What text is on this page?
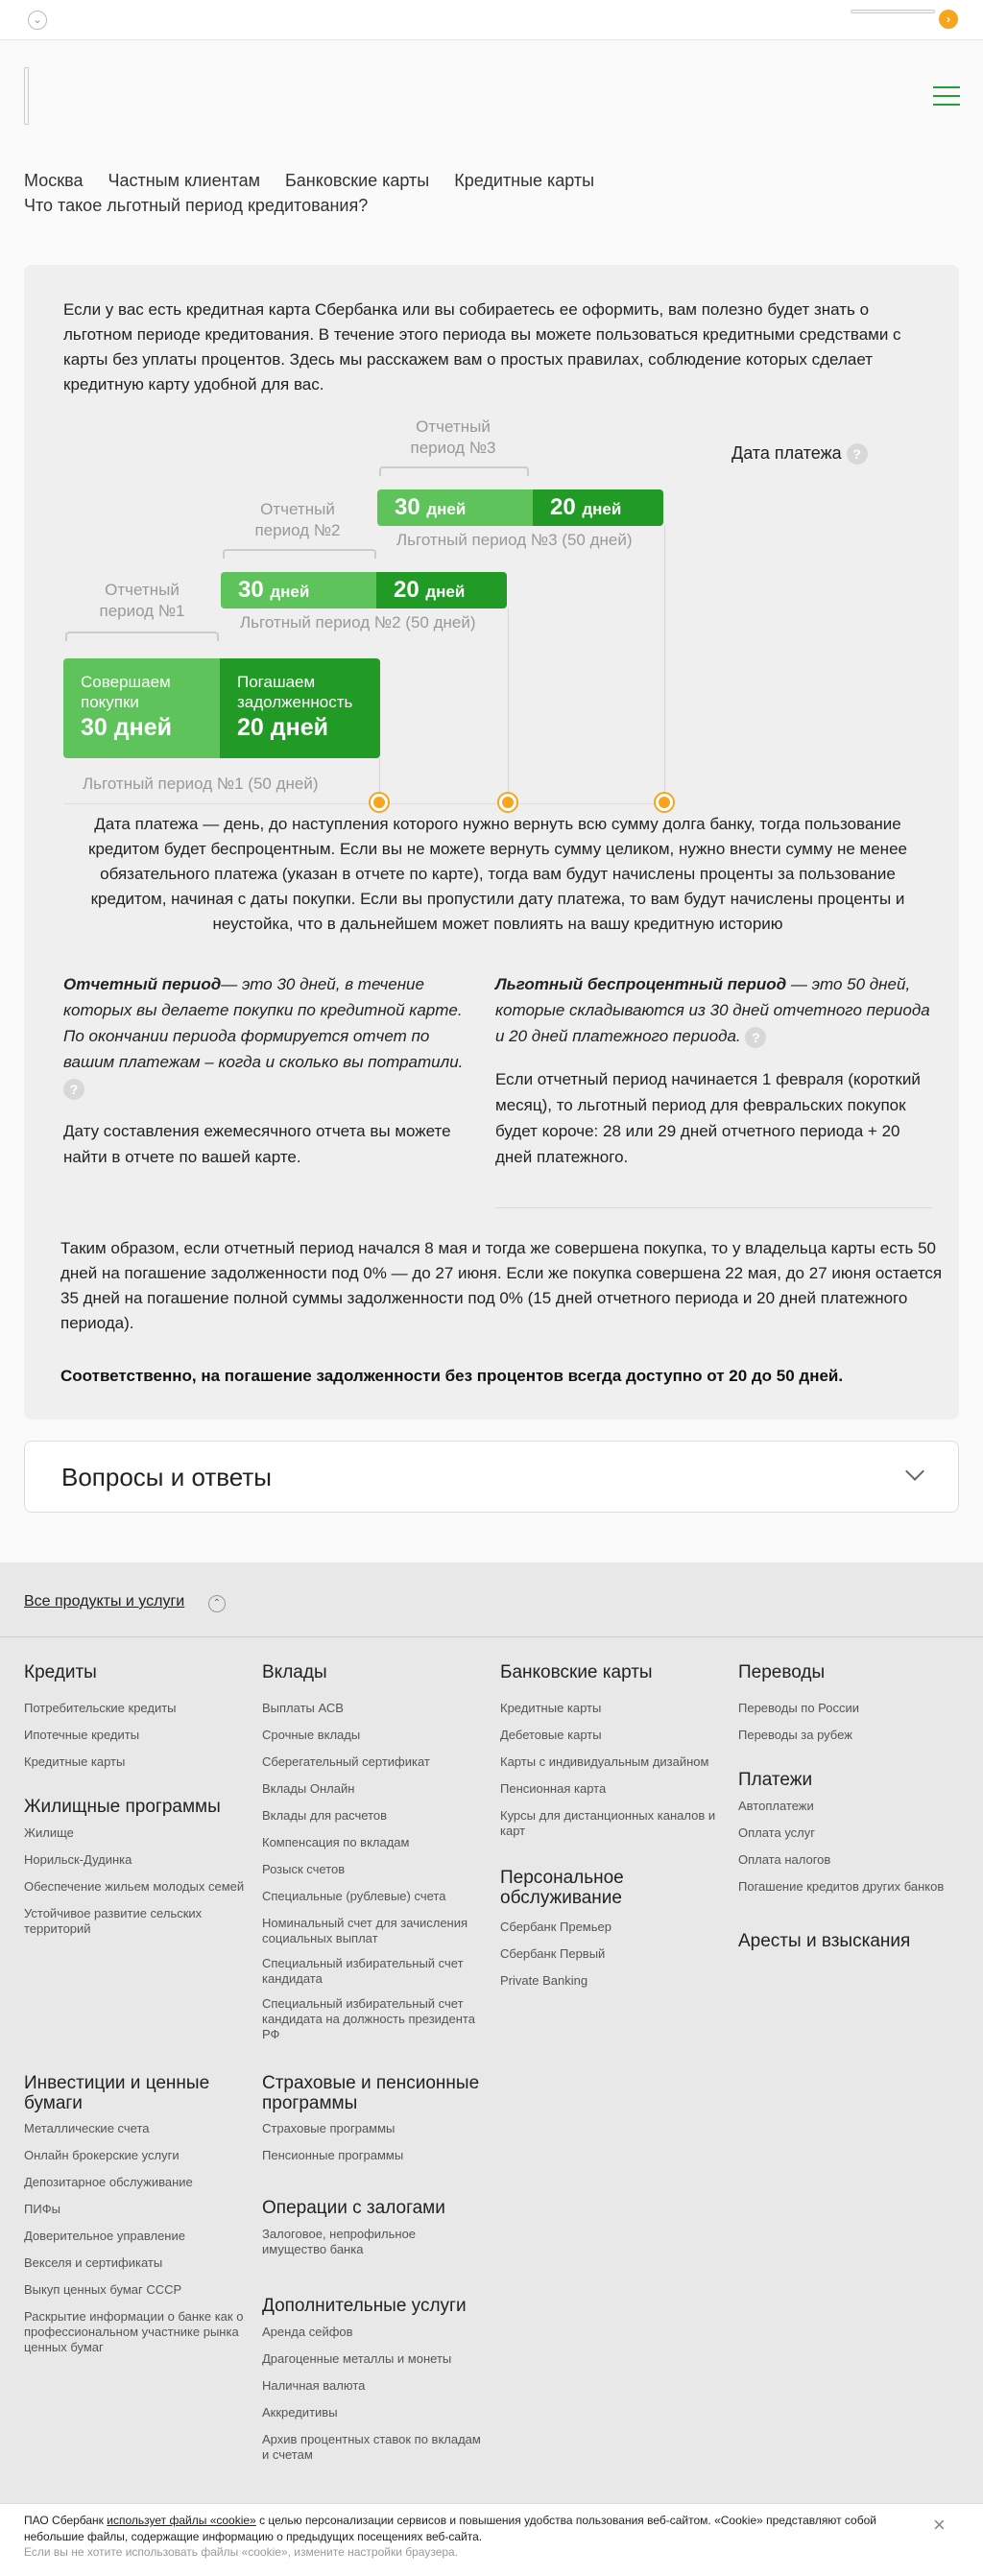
⌄	›
Москва Частным клиентам Банковские карты Кредитные карты
Что такое льготный период кредитования?
Если у вас есть кредитная карта Сбербанка или вы собираетесь ее оформить, вам полезно будет знать о льготном периоде кредитования. В течение этого периода вы можете пользоваться кредитными средствами с карты без уплаты процентов. Здесь мы расскажем вам о простых правилах, соблюдение которых сделает кредитную карту удобной для вас.
Отчетный период №3
Отчетный период №2
Отчетный период №1
Дата платежа ?
30 дней	20 дней
Льготный период №3 (50 дней)
30 дней	20 дней
Льготный период №2 (50 дней)
Совершаем покупки
30 дней
Погашаем задолженность
20 дней
Льготный период №1 (50 дней)
Дата платежа — день, до наступления которого нужно вернуть всю сумму долга банку, тогда пользование кредитом будет беспроцентным. Если вы не можете вернуть сумму целиком, нужно внести сумму не менее обязательного платежа (указан в отчете по карте), тогда вам будут начислены проценты за пользование кредитом, начиная с даты покупки. Если вы пропустили дату платежа, то вам будут начислены проценты и неустойка, что в дальнейшем может повлиять на вашу кредитную историю

Отчетный период— это 30 дней, в течение которых вы делаете покупки по кредитной карте. По окончании периода формируется отчет по вашим платежам – когда и сколько вы потратили. ?

Дату составления ежемесячного отчета вы можете найти в отчете по вашей карте.

Льготный беспроцентный период — это 50 дней, которые складываются из 30 дней отчетного периода и 20 дней платежного периода. ?

Если отчетный период начинается 1 февраля (короткий месяц), то льготный период для февральских покупок будет короче: 28 или 29 дней отчетного периода + 20 дней платежного.

Таким образом, если отчетный период начался 8 мая и тогда же совершена покупка, то у владельца карты есть 50 дней на погашение задолженности под 0% — до 27 июня. Если же покупка совершена 22 мая, до 27 июня остается 35 дней на погашение полной суммы задолженности под 0% (15 дней отчетного периода и 20 дней платежного периода).
Соответственно, на погашение задолженности без процентов всегда доступно от 20 до 50 дней.
Вопросы и ответы
Все продукты и услуги	⌃
Кредиты
Потребительские кредиты
Ипотечные кредиты
Кредитные карты
Жилищные программы
Жилище
Норильск-Дудинка
Обеспечение жильем молодых семей
Устойчивое развитие сельских территорий
Инвестиции и ценные бумаги
Металлические счета
Онлайн брокерские услуги
Депозитарное обслуживание
ПИФы
Доверительное управление
Векселя и сертификаты
Выкуп ценных бумаг СССР
Раскрытие информации о банке как о профессиональном участнике рынка ценных бумаг
Вклады
Выплаты АСВ
Срочные вклады
Сберегательный сертификат
Вклады Онлайн
Вклады для расчетов
Компенсация по вкладам
Розыск счетов
Специальные (рублевые) счета
Номинальный счет для зачисления социальных выплат
Специальный избирательный счет кандидата
Специальный избирательный счет кандидата на должность президента РФ
Страховые и пенсионные программы
Страховые программы
Пенсионные программы
Операции с залогами
Залоговое, непрофильное имущество банка
Дополнительные услуги
Аренда сейфов
Драгоценные металлы и монеты
Наличная валюта
Аккредитивы
Архив процентных ставок по вкладам и счетам
Банковские карты
Кредитные карты
Дебетовые карты
Карты с индивидуальным дизайном
Пенсионная карта
Курсы для дистанционных каналов и карт
Персональное обслуживание
Сбербанк Премьер
Сбербанк Первый
Private Banking
Переводы
Переводы по России
Переводы за рубеж
Платежи
Автоплатежи
Оплата услуг
Оплата налогов
Погашение кредитов других банков
Аресты и взыскания
ПАО Сбербанк использует файлы «cookie» с целью персонализации сервисов и повышения удобства пользования веб-сайтом. «Cookie» представляют собой небольшие файлы, содержащие информацию о предыдущих посещениях веб-сайта.
Если вы не хотите использовать файлы «cookie», измените настройки браузера.
×
